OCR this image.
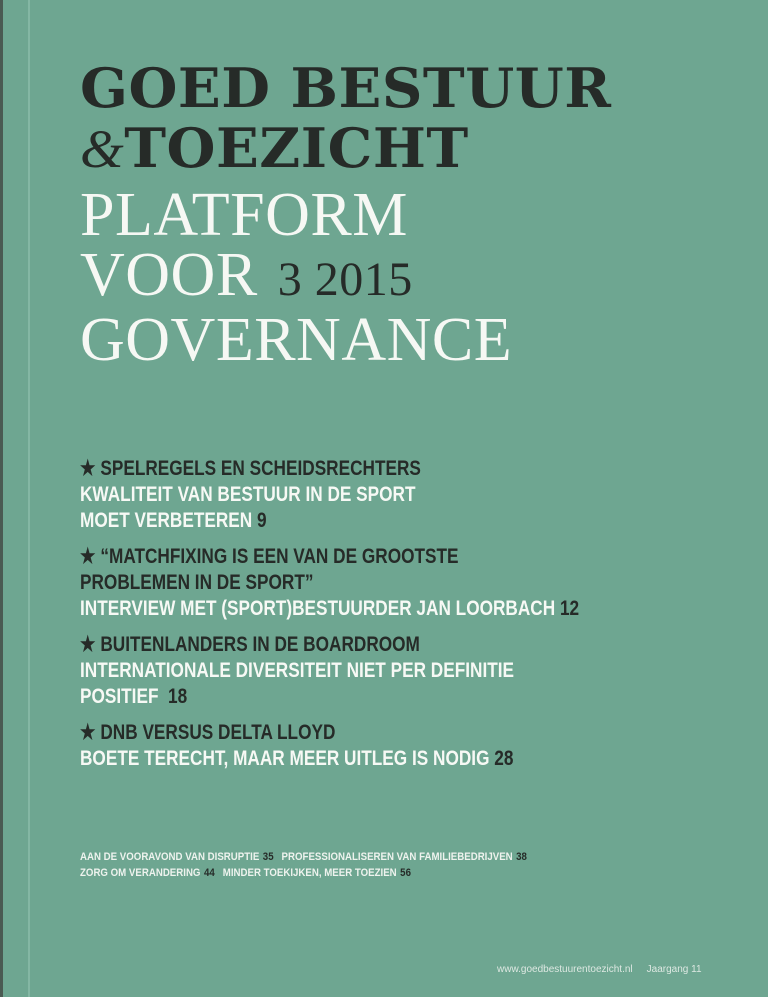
GOED BESTUUR
&TOEZICHT
PLATFORM
VOOR 3 2015
GOVERNANCE
★ SPELREGELS EN SCHEIDSRECHTERS
KWALITEIT VAN BESTUUR IN DE SPORT
MOET VERBETEREN 9
★ “MATCHFIXING IS EEN VAN DE GROOTSTE
PROBLEMEN IN DE SPORT”
INTERVIEW MET (SPORT)BESTUURDER JAN LOORBACH 12
★ BUITENLANDERS IN DE BOARDROOM
INTERNATIONALE DIVERSITEIT NIET PER DEFINITIE
POSITIEF 18
★ DNB VERSUS DELTA LLOYD
BOETE TERECHT, MAAR MEER UITLEG IS NODIG 28
AAN DE VOORAVOND VAN DISRUPTIE 35 PROFESSIONALISEREN VAN FAMILIEBEDRIJVEN 38
ZORG OM VERANDERING 44 MINDER TOEKIJKEN, MEER TOEZIEN 56
www.goedbestuurentoezicht.nl Jaargang 11
